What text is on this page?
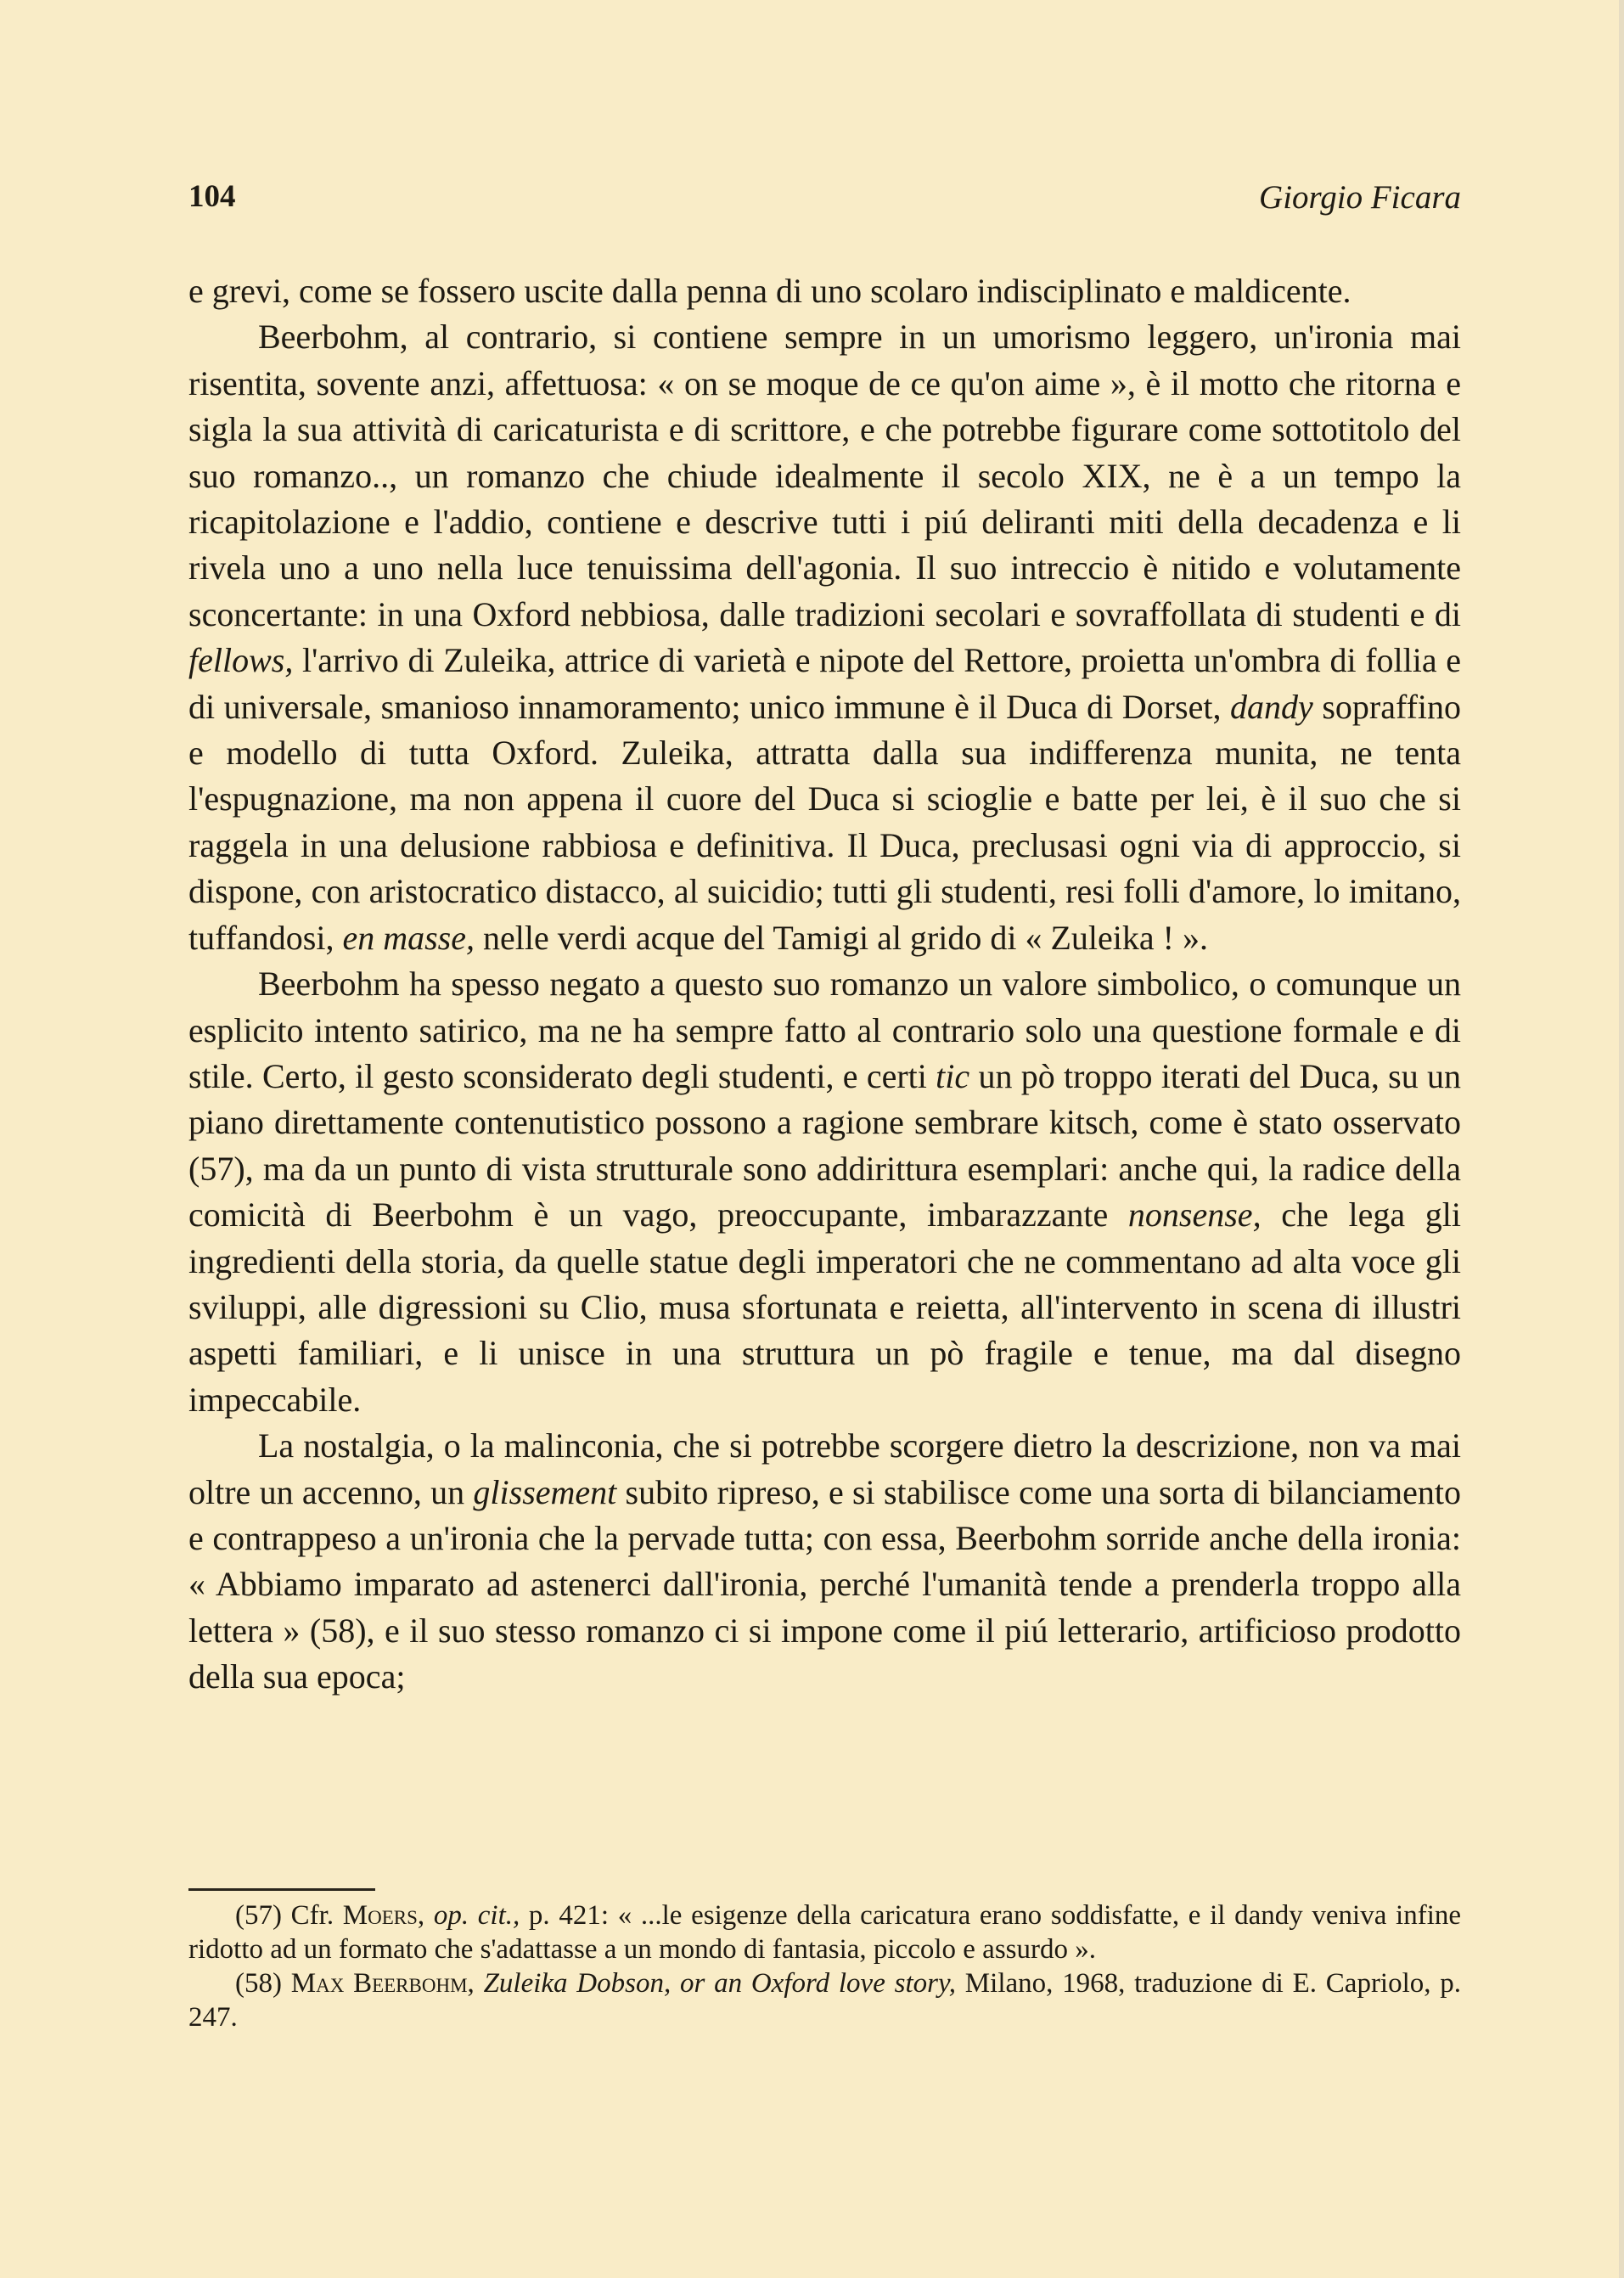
104	Giorgio Ficara

e grevi, come se fossero uscite dalla penna di uno scolaro indisciplinato e maldicente.

Beerbohm, al contrario, si contiene sempre in un umorismo leggero, un'ironia mai risentita, sovente anzi, affettuosa: « on se moque de ce qu'on aime », è il motto che ritorna e sigla la sua attività di caricaturista e di scrittore, e che potrebbe figurare come sottotitolo del suo romanzo.., un romanzo che chiude idealmente il secolo XIX, ne è a un tempo la ricapitolazione e l'addio, contiene e descrive tutti i piú deliranti miti della decadenza e li rivela uno a uno nella luce tenuissima dell'agonia. Il suo intreccio è nitido e volutamente sconcertante: in una Oxford nebbiosa, dalle tradizioni secolari e sovraffollata di studenti e di fellows, l'arrivo di Zuleika, attrice di varietà e nipote del Rettore, proietta un'ombra di follia e di universale, smanioso innamoramento; unico immune è il Duca di Dorset, dandy sopraffino e modello di tutta Oxford. Zuleika, attratta dalla sua indifferenza munita, ne tenta l'espugnazione, ma non appena il cuore del Duca si scioglie e batte per lei, è il suo che si raggela in una delusione rabbiosa e definitiva. Il Duca, preclusasi ogni via di approccio, si dispone, con aristocratico distacco, al suicidio; tutti gli studenti, resi folli d'amore, lo imitano, tuffandosi, en masse, nelle verdi acque del Tamigi al grido di « Zuleika ! ».

Beerbohm ha spesso negato a questo suo romanzo un valore simbolico, o comunque un esplicito intento satirico, ma ne ha sempre fatto al contrario solo una questione formale e di stile. Certo, il gesto sconsiderato degli studenti, e certi tic un pò troppo iterati del Duca, su un piano direttamente contenutistico possono a ragione sembrare kitsch, come è stato osservato (57), ma da un punto di vista strutturale sono addirittura esemplari: anche qui, la radice della comicità di Beerbohm è un vago, preoccupante, imbarazzante nonsense, che lega gli ingredienti della storia, da quelle statue degli imperatori che ne commentano ad alta voce gli sviluppi, alle digressioni su Clio, musa sfortunata e reietta, all'intervento in scena di illustri aspetti familiari, e li unisce in una struttura un pò fragile e tenue, ma dal disegno impeccabile.

La nostalgia, o la malinconia, che si potrebbe scorgere dietro la descrizione, non va mai oltre un accenno, un glissement subito ripreso, e si stabilisce come una sorta di bilanciamento e contrappeso a un'ironia che la pervade tutta; con essa, Beerbohm sorride anche della ironia: « Abbiamo imparato ad astenerci dall'ironia, perché l'umanità tende a prenderla troppo alla lettera » (58), e il suo stesso romanzo ci si impone come il piú letterario, artificioso prodotto della sua epoca;

(57) Cfr. Moers, op. cit., p. 421: « ...le esigenze della caricatura erano soddisfatte, e il dandy veniva infine ridotto ad un formato che s'adattasse a un mondo di fantasia, piccolo e assurdo ».

(58) Max Beerbohm, Zuleika Dobson, or an Oxford love story, Milano, 1968, traduzione di E. Capriolo, p. 247.
